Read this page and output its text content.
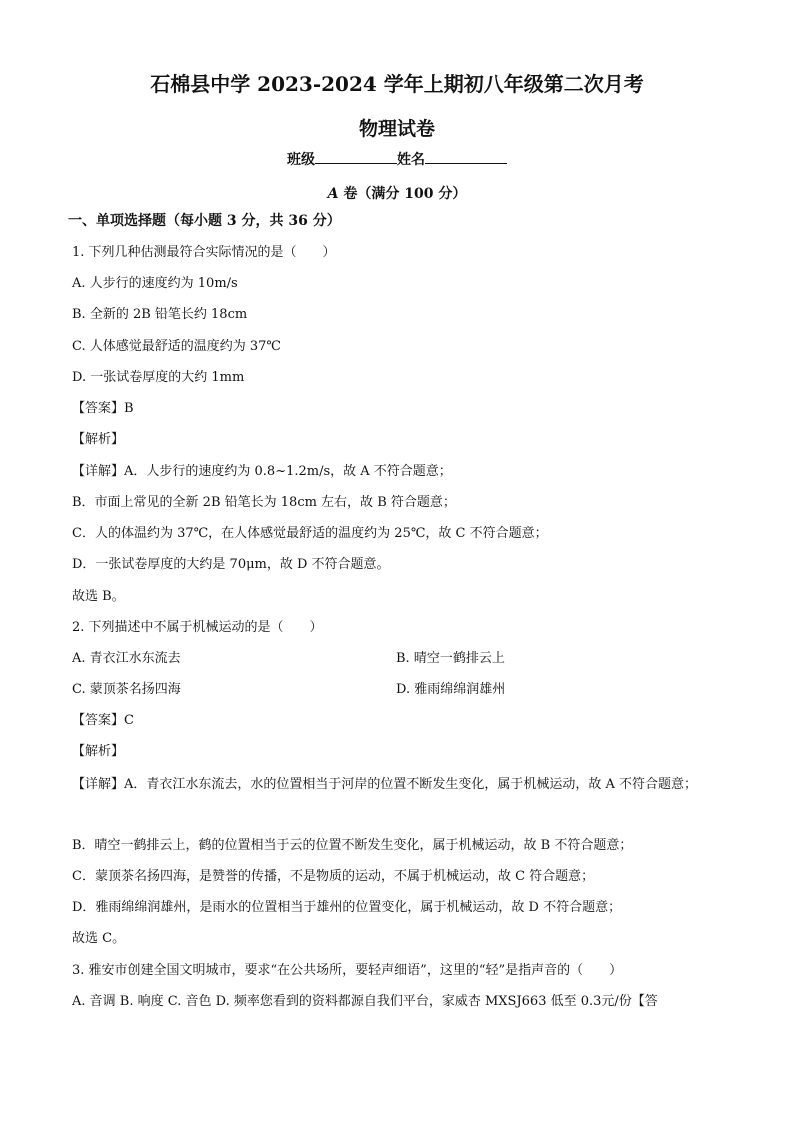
石棉县中学 2023-2024 学年上期初八年级第二次月考
物理试卷
班级	姓名
A 卷（满分 100 分）
一、单项选择题（每小题 3 分，共 36 分）
1. 下列几种估测最符合实际情况的是（　　）
A. 人步行的速度约为 10m/s
B. 全新的 2B 铅笔长约 18cm
C. 人体感觉最舒适的温度约为 37℃
D. 一张试卷厚度的大约 1mm
【答案】B
【解析】
【详解】A．人步行的速度约为 0.8~1.2m/s，故 A 不符合题意；
B．市面上常见的全新 2B 铅笔长为 18cm 左右，故 B 符合题意；
C．人的体温约为 37℃，在人体感觉最舒适的温度约为 25℃，故 C 不符合题意；
D．一张试卷厚度的大约是 70μm，故 D 不符合题意。
故选 B。
2. 下列描述中不属于机械运动的是（　　）
A. 青衣江水东流去	B. 晴空一鹤排云上
C. 蒙顶茶名扬四海	D. 雅雨绵绵润雄州
【答案】C
【解析】
【详解】A．青衣江水东流去，水的位置相当于河岸的位置不断发生变化，属于机械运动，故 A 不符合题意；
B．晴空一鹤排云上，鹤的位置相当于云的位置不断发生变化，属于机械运动，故 B 不符合题意；
C．蒙顶茶名扬四海，是赞誉的传播，不是物质的运动，不属于机械运动，故 C 符合题意；
D．雅雨绵绵润雄州，是雨水的位置相当于雄州的位置变化，属于机械运动，故 D 不符合题意；
故选 C。
3. 雅安市创建全国文明城市，要求“在公共场所，要轻声细语”，这里的“轻”是指声音的（　　）
A. 音调 B. 响度 C. 音色 D. 频率您看到的资料都源自我们平台，家威杏 MXSJ663 低至 0.3元/份【答
